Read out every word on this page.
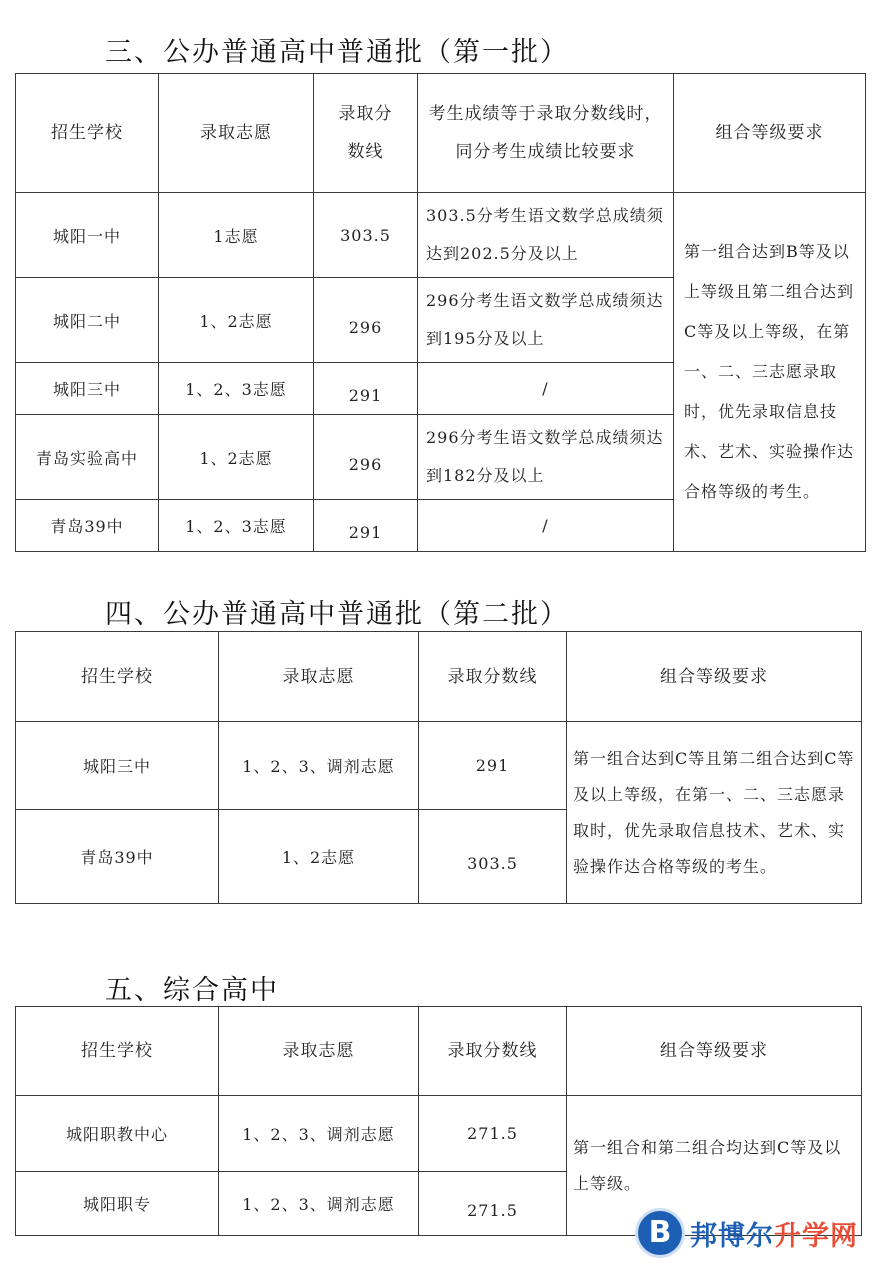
三、公办普通高中普通批（第一批）
招生学校	录取志愿	录取分数线	考生成绩等于录取分数线时，同分考生成绩比较要求	组合等级要求
城阳一中	1志愿	303.5	303.5分考生语文数学总成绩须达到202.5分及以上	第一组合达到B等及以上等级且第二组合达到C等及以上等级，在第一、二、三志愿录取时，优先录取信息技术、艺术、实验操作达合格等级的考生。
城阳二中	1、2志愿	296	296分考生语文数学总成绩须达到195分及以上	
城阳三中	1、2、3志愿	291	/	
青岛实验高中	1、2志愿	296	296分考生语文数学总成绩须达到182分及以上	
青岛39中	1、2、3志愿	291	/	
四、公办普通高中普通批（第二批）
招生学校	录取志愿	录取分数线	组合等级要求
城阳三中	1、2、3、调剂志愿	291	第一组合达到C等且第二组合达到C等及以上等级，在第一、二、三志愿录取时，优先录取信息技术、艺术、实验操作达合格等级的考生。
青岛39中	1、2志愿	303.5	
五、综合高中
招生学校	录取志愿	录取分数线	组合等级要求
城阳职教中心	1、2、3、调剂志愿	271.5	第一组合和第二组合均达到C等及以上等级。
城阳职专	1、2、3、调剂志愿	271.5	
B 邦博尔升学网
